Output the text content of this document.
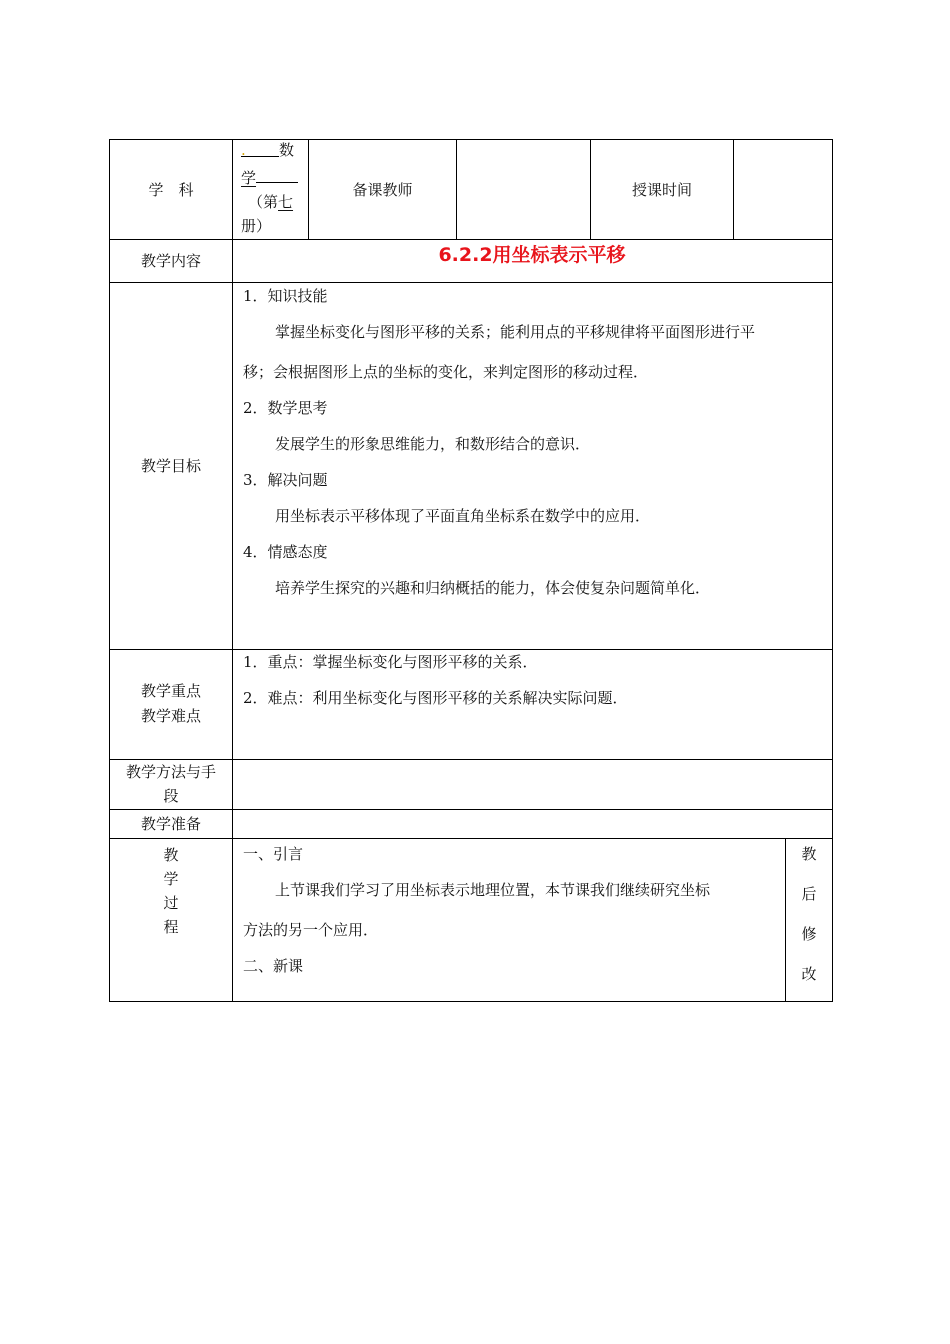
学　科
. 数
学
（第七
册）
备课教师	授课时间
教学内容	6.2.2用坐标表示平移
教学目标
1．知识技能
掌握坐标变化与图形平移的关系；能利用点的平移规律将平面图形进行平
移；会根据图形上点的坐标的变化，来判定图形的移动过程．
2．数学思考
发展学生的形象思维能力，和数形结合的意识．
3．解决问题
用坐标表示平移体现了平面直角坐标系在数学中的应用．
4．情感态度
培养学生探究的兴趣和归纳概括的能力，体会使复杂问题简单化．
教学重点
教学难点
1．重点：掌握坐标变化与图形平移的关系．
2．难点：利用坐标变化与图形平移的关系解决实际问题．
教学方法与手
段
教学准备
教
学
过
程
一、引言
上节课我们学习了用坐标表示地理位置，本节课我们继续研究坐标
方法的另一个应用．
二、新课
教
后
修
改
